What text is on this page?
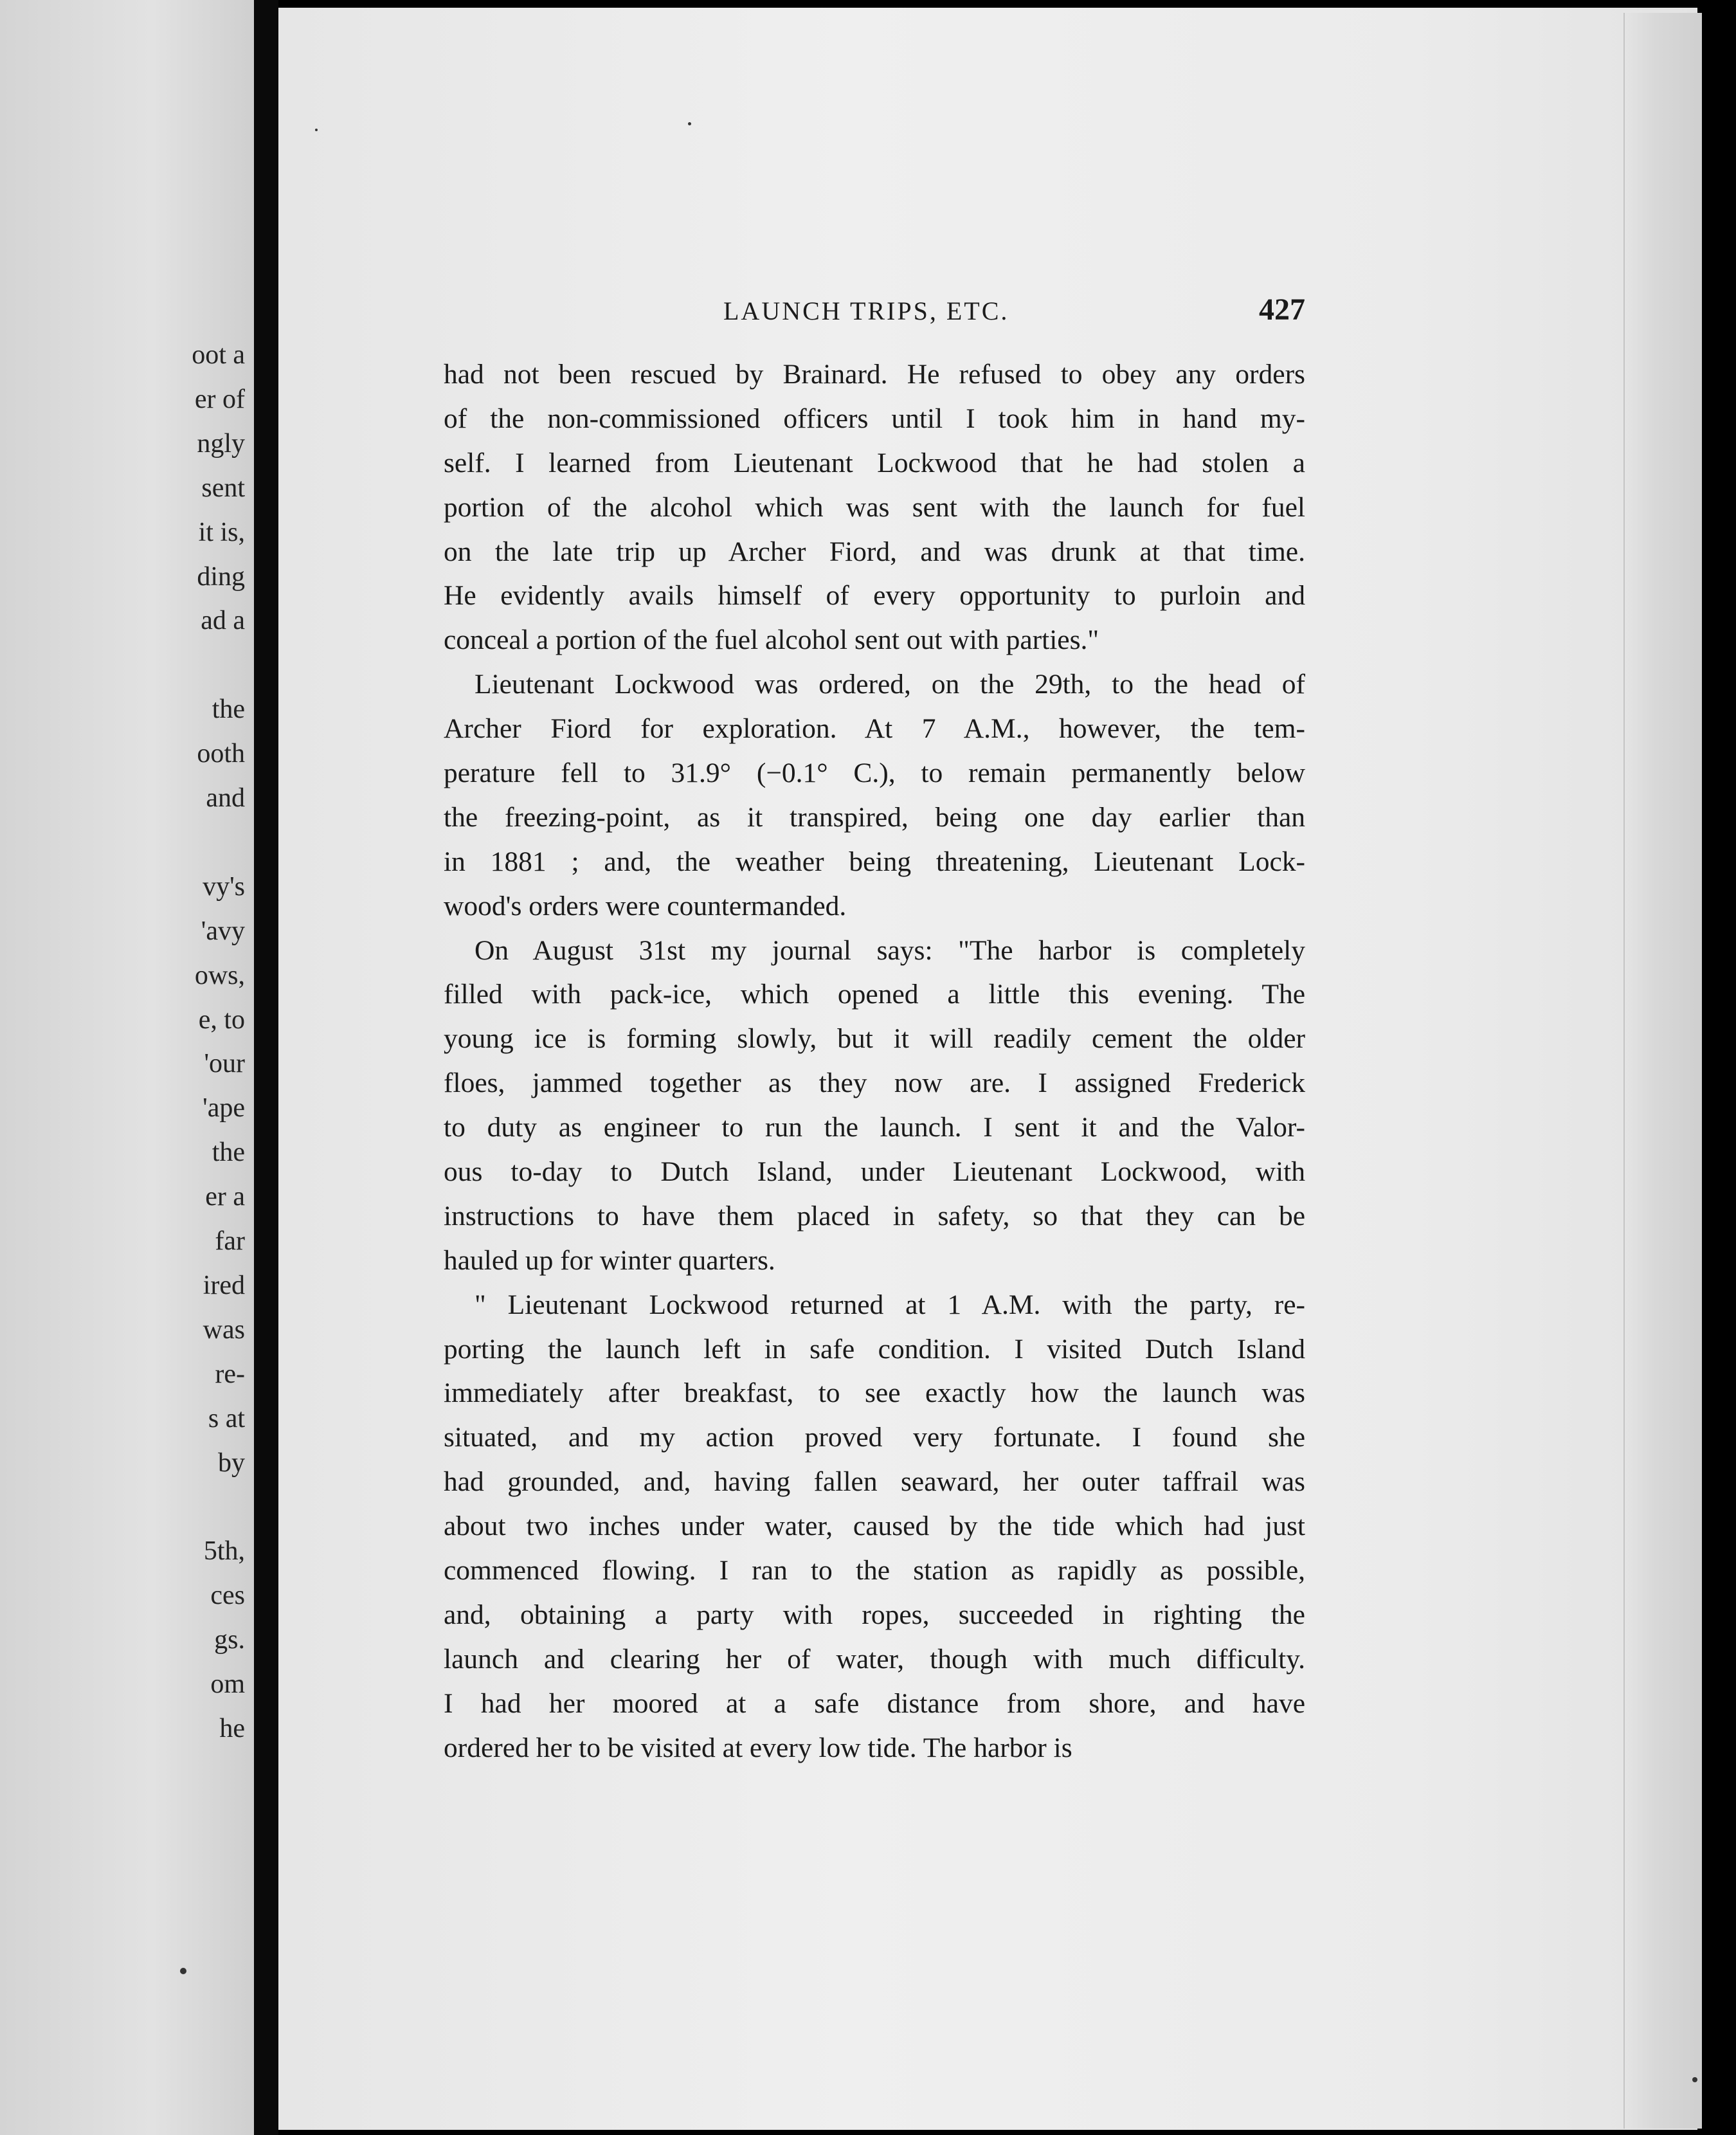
oot a
er of
ngly
sent
it is,
ding
ad a
the
ooth
and
vy's
'avy
ows,
e, to
'our
'ape
the
er a
far
ired
was
re-
s at
by
5th,
ces
gs.
om
he
LAUNCH TRIPS, ETC.	427
had not been rescued by Brainard. He refused to obey any orders
of the non-commissioned officers until I took him in hand my-
self. I learned from Lieutenant Lockwood that he had stolen a
portion of the alcohol which was sent with the launch for fuel
on the late trip up Archer Fiord, and was drunk at that time.
He evidently avails himself of every opportunity to purloin and
conceal a portion of the fuel alcohol sent out with parties."
Lieutenant Lockwood was ordered, on the 29th, to the head of
Archer Fiord for exploration. At 7 A.M., however, the tem-
perature fell to 31.9° (−0.1° C.), to remain permanently below
the freezing-point, as it transpired, being one day earlier than
in 1881 ; and, the weather being threatening, Lieutenant Lock-
wood's orders were countermanded.
On August 31st my journal says: "The harbor is completely
filled with pack-ice, which opened a little this evening. The
young ice is forming slowly, but it will readily cement the older
floes, jammed together as they now are. I assigned Frederick
to duty as engineer to run the launch. I sent it and the Valor-
ous to-day to Dutch Island, under Lieutenant Lockwood, with
instructions to have them placed in safety, so that they can be
hauled up for winter quarters.
" Lieutenant Lockwood returned at 1 A.M. with the party, re-
porting the launch left in safe condition. I visited Dutch Island
immediately after breakfast, to see exactly how the launch was
situated, and my action proved very fortunate. I found she
had grounded, and, having fallen seaward, her outer taffrail was
about two inches under water, caused by the tide which had just
commenced flowing. I ran to the station as rapidly as possible,
and, obtaining a party with ropes, succeeded in righting the
launch and clearing her of water, though with much difficulty.
I had her moored at a safe distance from shore, and have
ordered her to be visited at every low tide. The harbor is
